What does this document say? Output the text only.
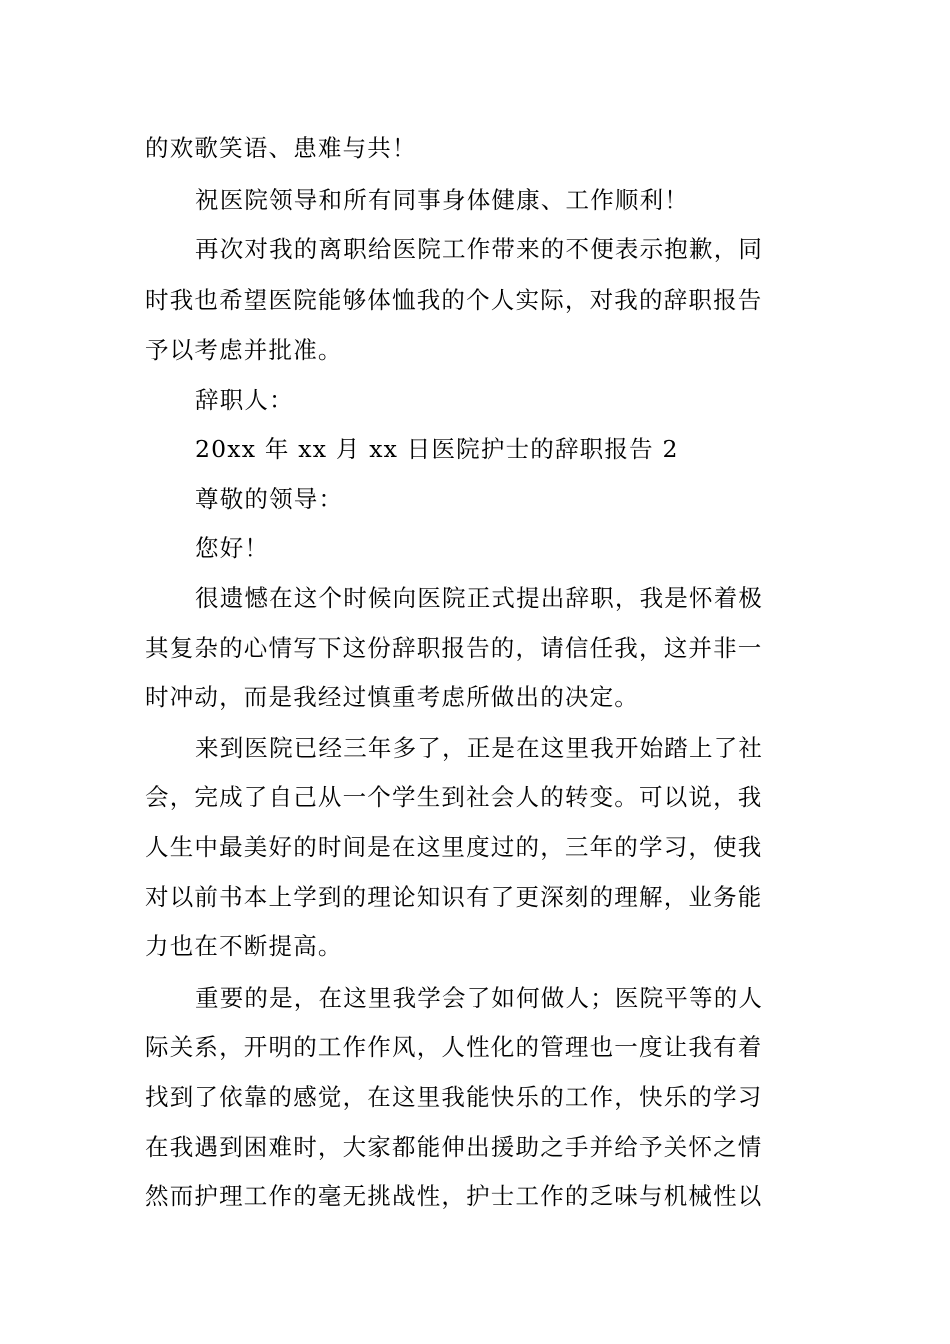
的欢歌笑语、患难与共！
祝医院领导和所有同事身体健康、工作顺利！
再次对我的离职给医院工作带来的不便表示抱歉，同
时我也希望医院能够体恤我的个人实际，对我的辞职报告
予以考虑并批准。
辞职人：
20xx 年 xx 月 xx 日医院护士的辞职报告 2
尊敬的领导：
您好！
很遗憾在这个时候向医院正式提出辞职，我是怀着极
其复杂的心情写下这份辞职报告的，请信任我，这并非一
时冲动，而是我经过慎重考虑所做出的决定。
来到医院已经三年多了，正是在这里我开始踏上了社
会，完成了自己从一个学生到社会人的转变。可以说，我
人生中最美好的时间是在这里度过的，三年的学习，使我
对以前书本上学到的理论知识有了更深刻的理解，业务能
力也在不断提高。
重要的是，在这里我学会了如何做人；医院平等的人
际关系，开明的工作作风，人性化的管理也一度让我有着
找到了依靠的感觉，在这里我能快乐的工作，快乐的学习
在我遇到困难时，大家都能伸出援助之手并给予关怀之情
然而护理工作的毫无挑战性，护士工作的乏味与机械性以
